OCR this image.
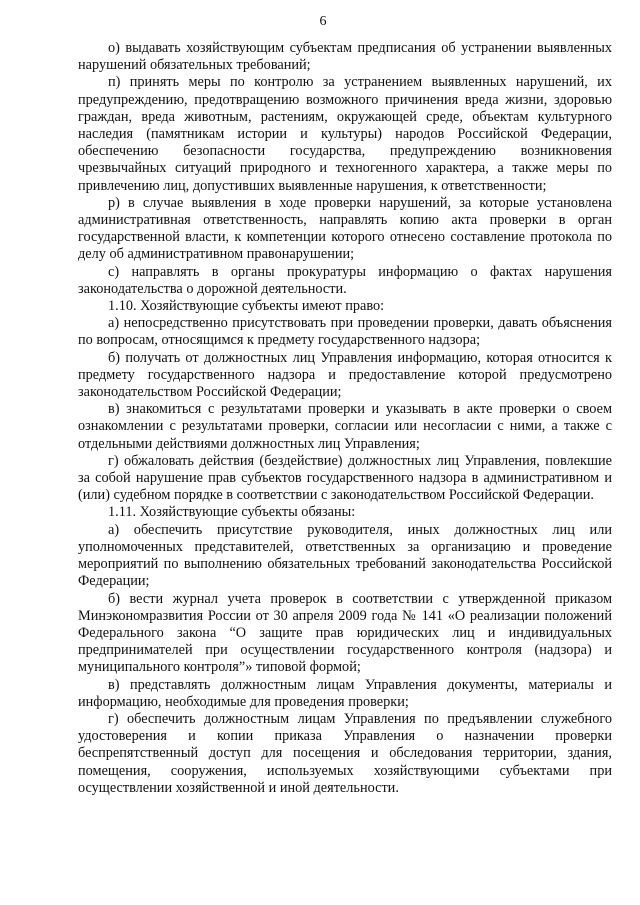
6

о) выдавать хозяйствующим субъектам предписания об устранении выявленных нарушений обязательных требований;

п) принять меры по контролю за устранением выявленных нарушений, их предупреждению, предотвращению возможного причинения вреда жизни, здоровью граждан, вреда животным, растениям, окружающей среде, объектам культурного наследия (памятникам истории и культуры) народов Российской Федерации, обеспечению безопасности государства, предупреждению возникновения чрезвычайных ситуаций природного и техногенного характера, а также меры по привлечению лиц, допустивших выявленные нарушения, к ответственности;

р) в случае выявления в ходе проверки нарушений, за которые установлена административная ответственность, направлять копию акта проверки в орган государственной власти, к компетенции которого отнесено составление протокола по делу об административном правонарушении;

с) направлять в органы прокуратуры информацию о фактах нарушения законодательства о дорожной деятельности.

1.10. Хозяйствующие субъекты имеют право:

а) непосредственно присутствовать при проведении проверки, давать объяснения по вопросам, относящимся к предмету государственного надзора;

б) получать от должностных лиц Управления информацию, которая относится к предмету государственного надзора и предоставление которой предусмотрено законодательством Российской Федерации;

в) знакомиться с результатами проверки и указывать в акте проверки о своем ознакомлении с результатами проверки, согласии или несогласии с ними, а также с отдельными действиями должностных лиц Управления;

г) обжаловать действия (бездействие) должностных лиц Управления, повлекшие за собой нарушение прав субъектов государственного надзора в административном и (или) судебном порядке в соответствии с законодательством Российской Федерации.

1.11. Хозяйствующие субъекты обязаны:

а) обеспечить присутствие руководителя, иных должностных лиц или уполномоченных представителей, ответственных за организацию и проведение мероприятий по выполнению обязательных требований законодательства Российской Федерации;

б) вести журнал учета проверок в соответствии с утвержденной приказом Минэкономразвития России от 30 апреля 2009 года № 141 «О реализации положений Федерального закона “О защите прав юридических лиц и индивидуальных предпринимателей при осуществлении государственного контроля (надзора) и муниципального контроля”» типовой формой;

в) представлять должностным лицам Управления документы, материалы и информацию, необходимые для проведения проверки;

г) обеспечить должностным лицам Управления по предъявлении служебного удостоверения и копии приказа Управления о назначении проверки беспрепятственный доступ для посещения и обследования территории, здания, помещения, сооружения, используемых хозяйствующими субъектами при осуществлении хозяйственной и иной деятельности.
